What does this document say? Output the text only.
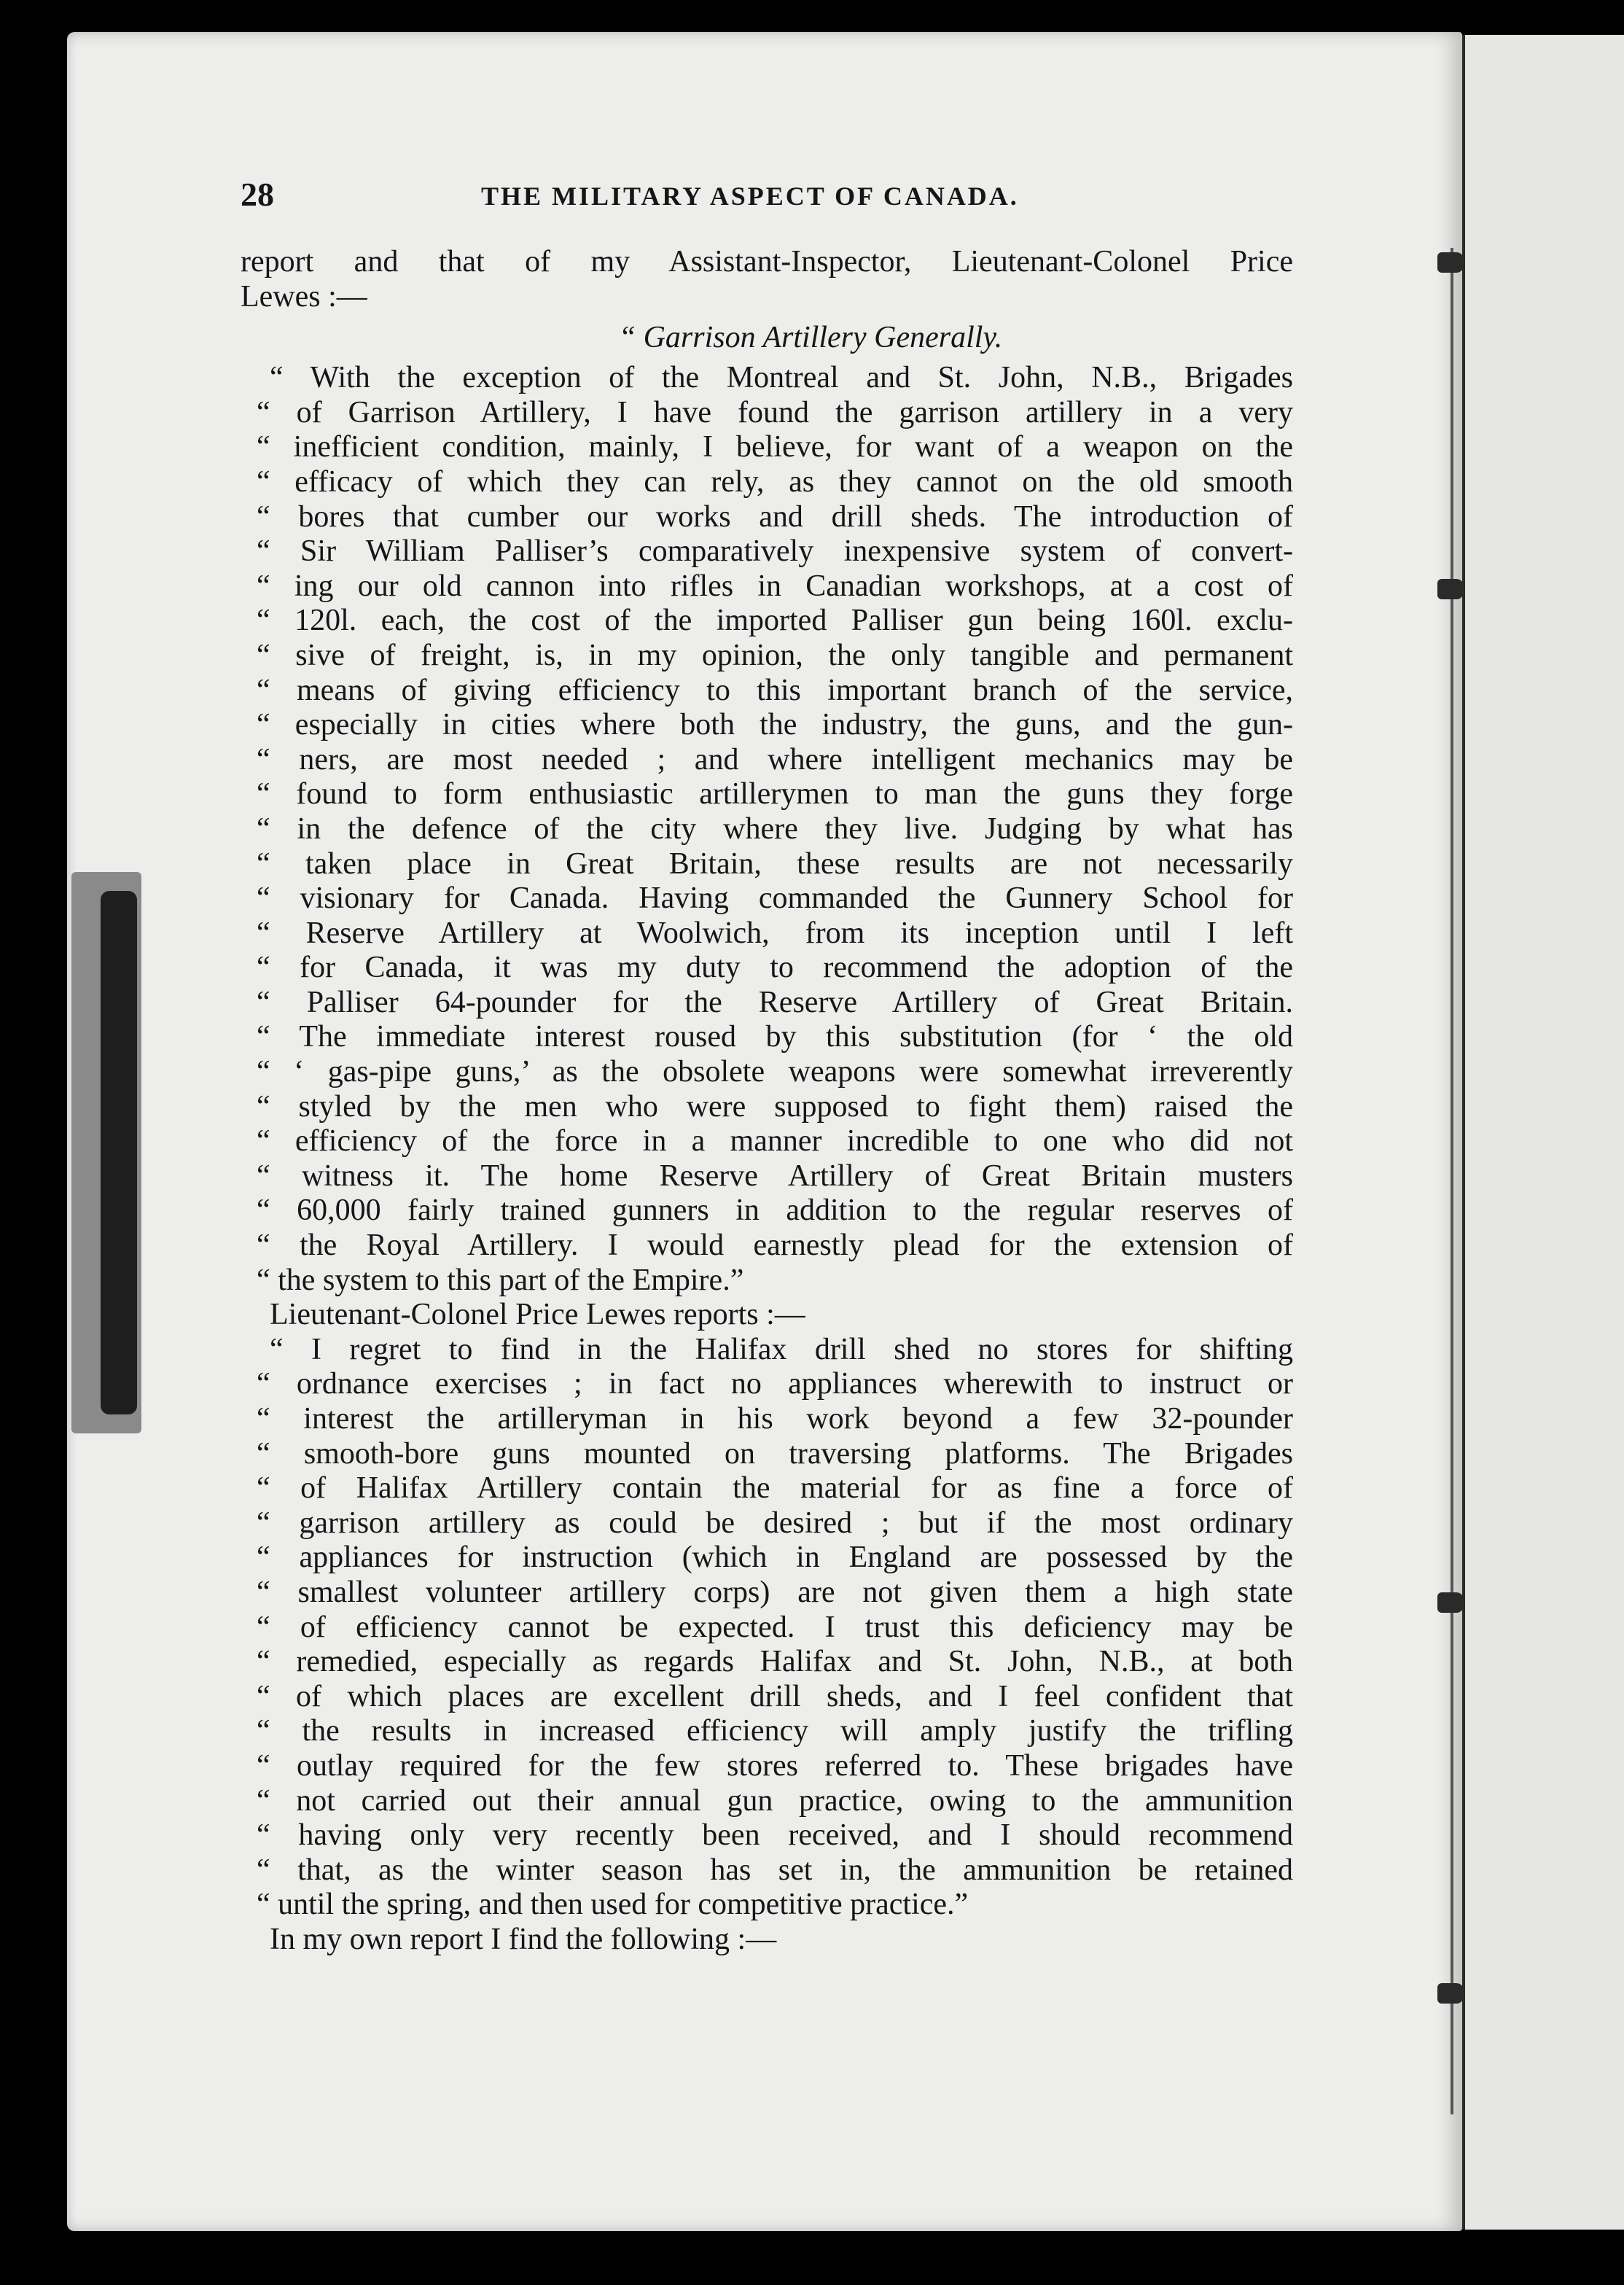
28	THE MILITARY ASPECT OF CANADA.
report and that of my Assistant-Inspector, Lieutenant-Colonel Price
Lewes :—
“ Garrison Artillery Generally.
“ With the exception of the Montreal and St. John, N.B., Brigades
“ of Garrison Artillery, I have found the garrison artillery in a very
“ inefficient condition, mainly, I believe, for want of a weapon on the
“ efficacy of which they can rely, as they cannot on the old smooth
“ bores that cumber our works and drill sheds. The introduction of
“ Sir William Palliser’s comparatively inexpensive system of convert-
“ ing our old cannon into rifles in Canadian workshops, at a cost of
“ 120l. each, the cost of the imported Palliser gun being 160l. exclu-
“ sive of freight, is, in my opinion, the only tangible and permanent
“ means of giving efficiency to this important branch of the service,
“ especially in cities where both the industry, the guns, and the gun-
“ ners, are most needed ; and where intelligent mechanics may be
“ found to form enthusiastic artillerymen to man the guns they forge
“ in the defence of the city where they live. Judging by what has
“ taken place in Great Britain, these results are not necessarily
“ visionary for Canada. Having commanded the Gunnery School for
“ Reserve Artillery at Woolwich, from its inception until I left
“ for Canada, it was my duty to recommend the adoption of the
“ Palliser 64-pounder for the Reserve Artillery of Great Britain.
“ The immediate interest roused by this substitution (for ‘ the old
“ ‘ gas-pipe guns,’ as the obsolete weapons were somewhat irreverently
“ styled by the men who were supposed to fight them) raised the
“ efficiency of the force in a manner incredible to one who did not
“ witness it. The home Reserve Artillery of Great Britain musters
“ 60,000 fairly trained gunners in addition to the regular reserves of
“ the Royal Artillery. I would earnestly plead for the extension of
“ the system to this part of the Empire.”
Lieutenant-Colonel Price Lewes reports :—
“ I regret to find in the Halifax drill shed no stores for shifting
“ ordnance exercises ; in fact no appliances wherewith to instruct or
“ interest the artilleryman in his work beyond a few 32-pounder
“ smooth-bore guns mounted on traversing platforms. The Brigades
“ of Halifax Artillery contain the material for as fine a force of
“ garrison artillery as could be desired ; but if the most ordinary
“ appliances for instruction (which in England are possessed by the
“ smallest volunteer artillery corps) are not given them a high state
“ of efficiency cannot be expected. I trust this deficiency may be
“ remedied, especially as regards Halifax and St. John, N.B., at both
“ of which places are excellent drill sheds, and I feel confident that
“ the results in increased efficiency will amply justify the trifling
“ outlay required for the few stores referred to. These brigades have
“ not carried out their annual gun practice, owing to the ammunition
“ having only very recently been received, and I should recommend
“ that, as the winter season has set in, the ammunition be retained
“ until the spring, and then used for competitive practice.”
In my own report I find the following :—
